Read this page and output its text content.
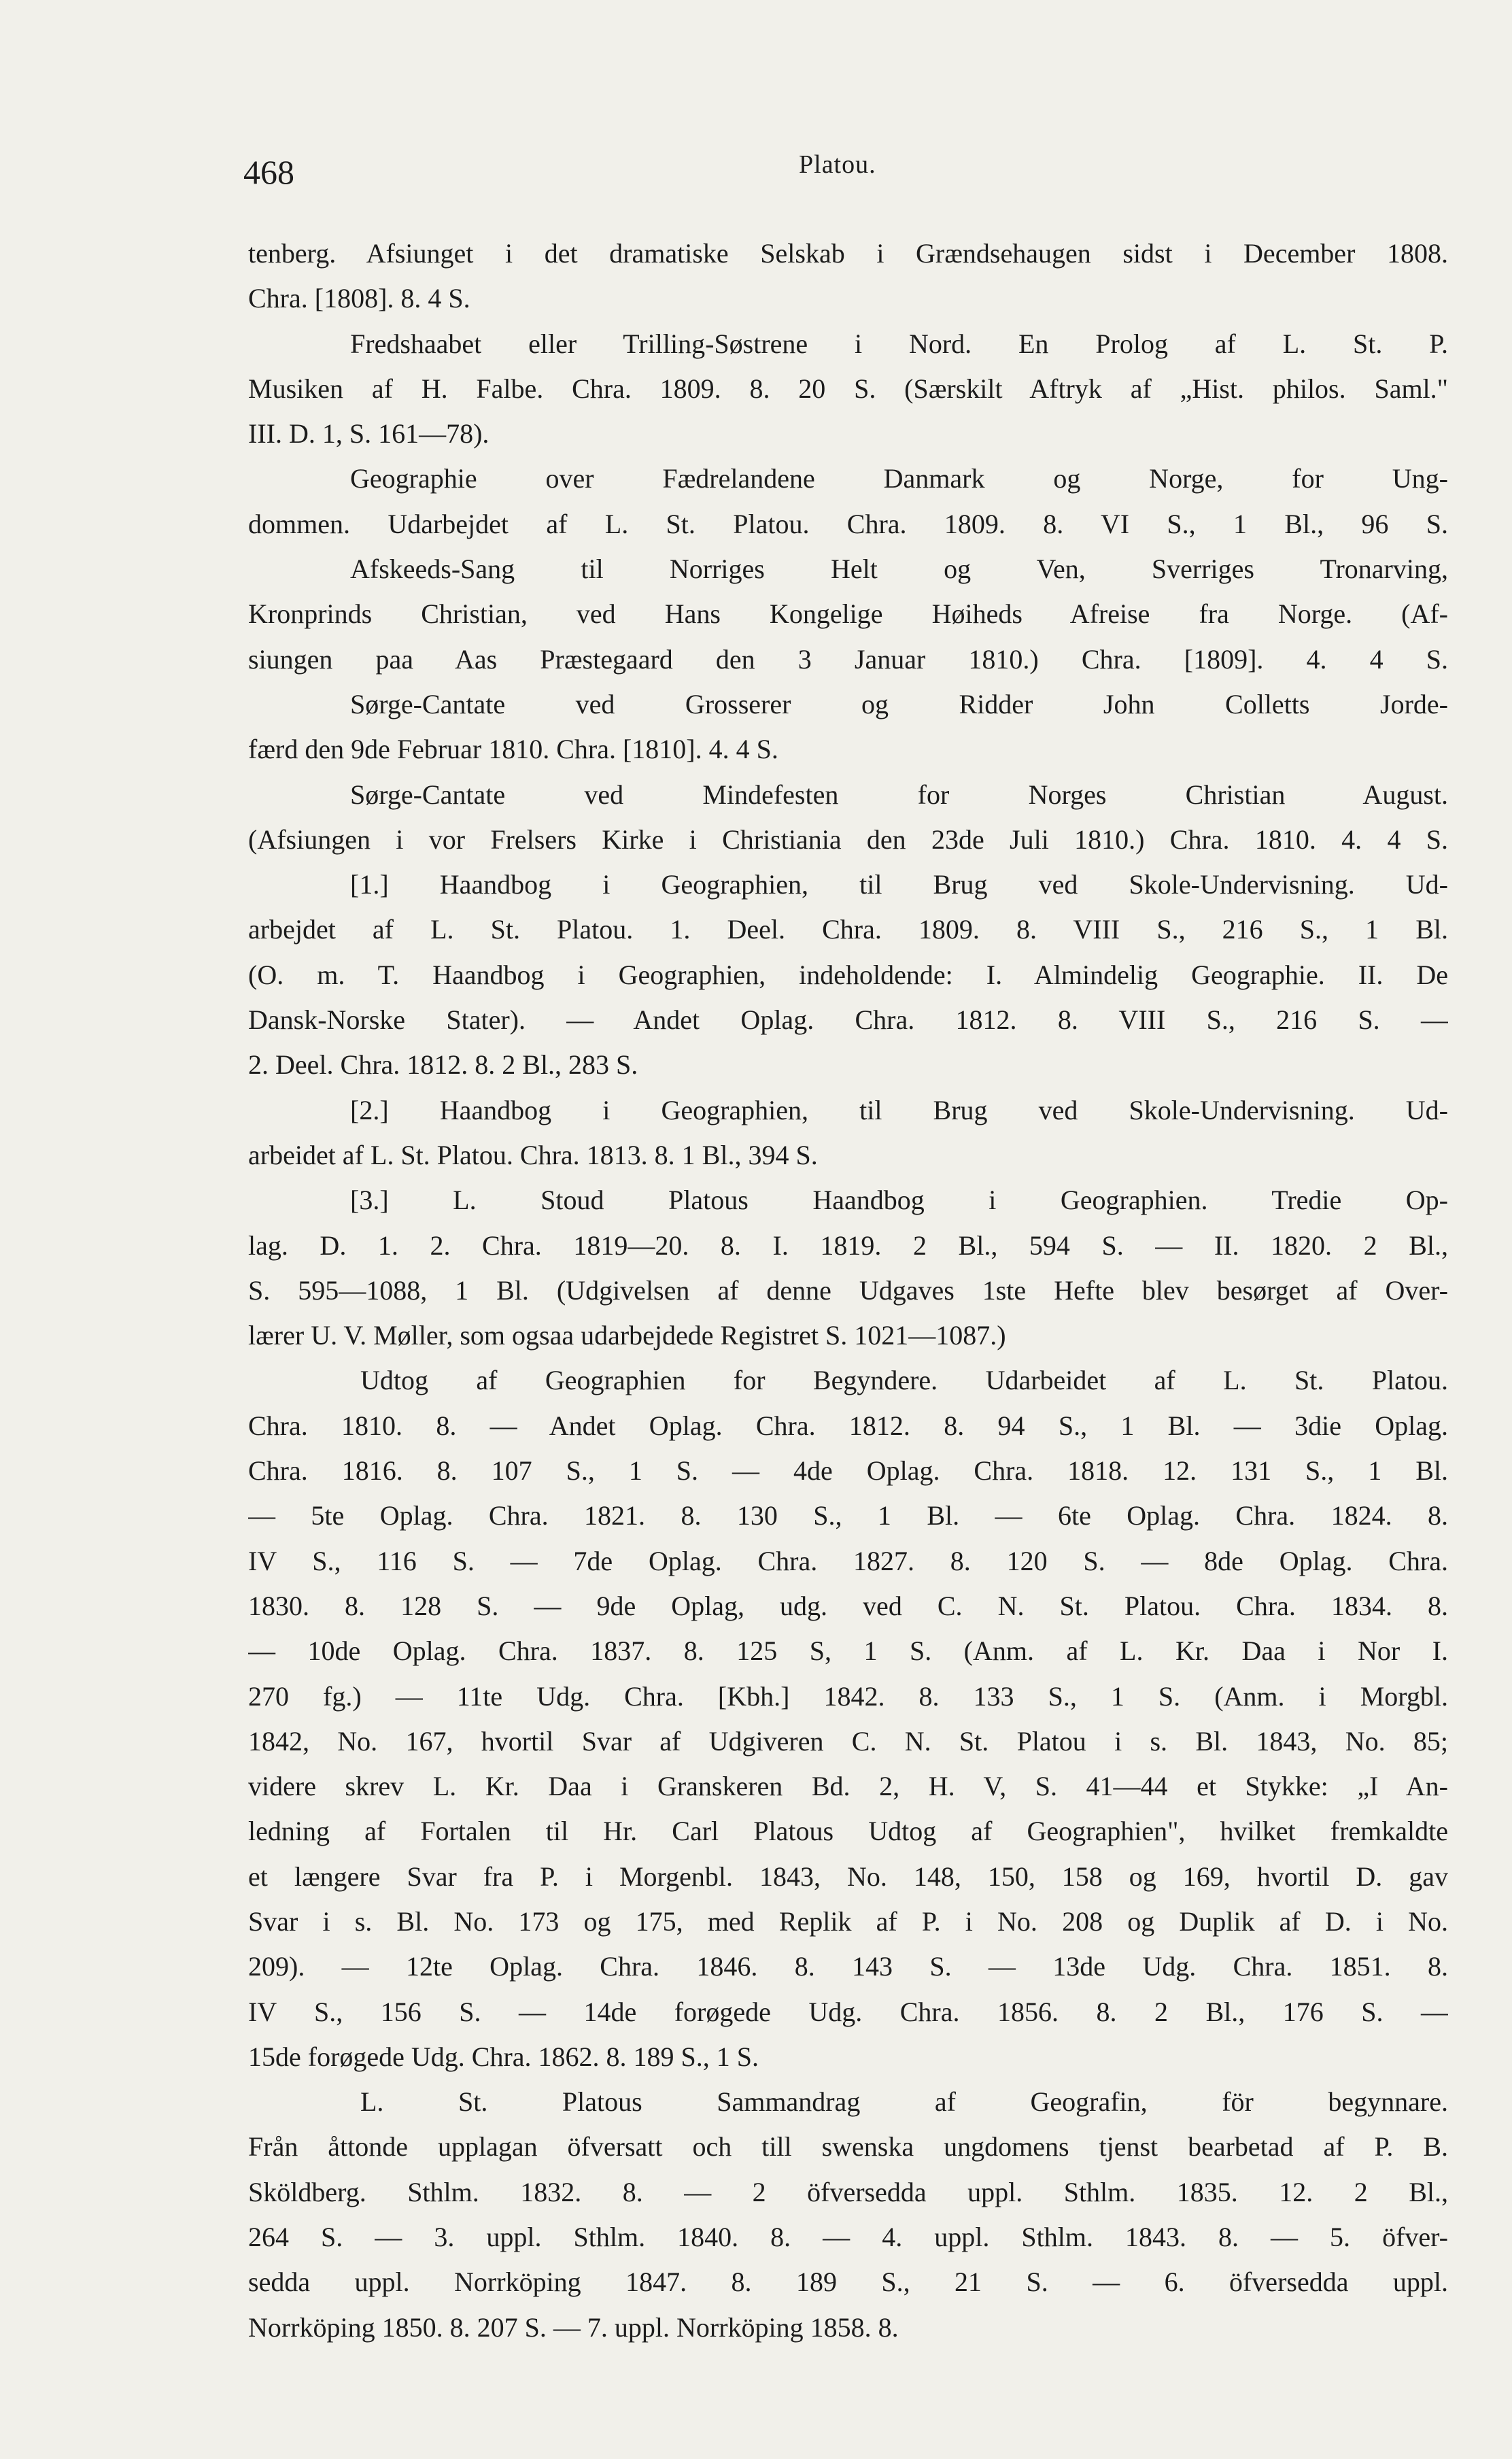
468	Platou.
tenberg. Afsiunget i det dramatiske Selskab i Grændsehaugen sidst i December 1808.
Chra. [1808]. 8. 4 S.
Fredshaabet eller Trilling-Søstrene i Nord. En Prolog af L. St. P.
Musiken af H. Falbe. Chra. 1809. 8. 20 S. (Særskilt Aftryk af „Hist. philos. Saml."
III. D. 1, S. 161—78).
Geographie over Fædrelandene Danmark og Norge, for Ung-
dommen. Udarbejdet af L. St. Platou. Chra. 1809. 8. VI S., 1 Bl., 96 S.
Afskeeds-Sang til Norriges Helt og Ven, Sverriges Tronarving,
Kronprinds Christian, ved Hans Kongelige Høiheds Afreise fra Norge. (Af-
siungen paa Aas Præstegaard den 3 Januar 1810.) Chra. [1809]. 4. 4 S.
Sørge-Cantate ved Grosserer og Ridder John Colletts Jorde-
færd den 9de Februar 1810. Chra. [1810]. 4. 4 S.
Sørge-Cantate ved Mindefesten for Norges Christian August.
(Afsiungen i vor Frelsers Kirke i Christiania den 23de Juli 1810.) Chra. 1810. 4. 4 S.
[1.] Haandbog i Geographien, til Brug ved Skole-Undervisning. Ud-
arbejdet af L. St. Platou. 1. Deel. Chra. 1809. 8. VIII S., 216 S., 1 Bl.
(O. m. T. Haandbog i Geographien, indeholdende: I. Almindelig Geographie. II. De
Dansk-Norske Stater). — Andet Oplag. Chra. 1812. 8. VIII S., 216 S. —
2. Deel. Chra. 1812. 8. 2 Bl., 283 S.
[2.] Haandbog i Geographien, til Brug ved Skole-Undervisning. Ud-
arbeidet af L. St. Platou. Chra. 1813. 8. 1 Bl., 394 S.
[3.] L. Stoud Platous Haandbog i Geographien. Tredie Op-
lag. D. 1. 2. Chra. 1819—20. 8. I. 1819. 2 Bl., 594 S. — II. 1820. 2 Bl.,
S. 595—1088, 1 Bl. (Udgivelsen af denne Udgaves 1ste Hefte blev besørget af Over-
lærer U. V. Møller, som ogsaa udarbejdede Registret S. 1021—1087.)
Udtog af Geographien for Begyndere. Udarbeidet af L. St. Platou.
Chra. 1810. 8. — Andet Oplag. Chra. 1812. 8. 94 S., 1 Bl. — 3die Oplag.
Chra. 1816. 8. 107 S., 1 S. — 4de Oplag. Chra. 1818. 12. 131 S., 1 Bl.
— 5te Oplag. Chra. 1821. 8. 130 S., 1 Bl. — 6te Oplag. Chra. 1824. 8.
IV S., 116 S. — 7de Oplag. Chra. 1827. 8. 120 S. — 8de Oplag. Chra.
1830. 8. 128 S. — 9de Oplag, udg. ved C. N. St. Platou. Chra. 1834. 8.
— 10de Oplag. Chra. 1837. 8. 125 S, 1 S. (Anm. af L. Kr. Daa i Nor I.
270 fg.) — 11te Udg. Chra. [Kbh.] 1842. 8. 133 S., 1 S. (Anm. i Morgbl.
1842, No. 167, hvortil Svar af Udgiveren C. N. St. Platou i s. Bl. 1843, No. 85;
videre skrev L. Kr. Daa i Granskeren Bd. 2, H. V, S. 41—44 et Stykke: „I An-
ledning af Fortalen til Hr. Carl Platous Udtog af Geographien", hvilket fremkaldte
et længere Svar fra P. i Morgenbl. 1843, No. 148, 150, 158 og 169, hvortil D. gav
Svar i s. Bl. No. 173 og 175, med Replik af P. i No. 208 og Duplik af D. i No.
209). — 12te Oplag. Chra. 1846. 8. 143 S. — 13de Udg. Chra. 1851. 8.
IV S., 156 S. — 14de forøgede Udg. Chra. 1856. 8. 2 Bl., 176 S. —
15de forøgede Udg. Chra. 1862. 8. 189 S., 1 S.
L. St. Platous Sammandrag af Geografin, för begynnare.
Från åttonde upplagan öfversatt och till swenska ungdomens tjenst bearbetad af P. B.
Sköldberg. Sthlm. 1832. 8. — 2 öfversedda uppl. Sthlm. 1835. 12. 2 Bl.,
264 S. — 3. uppl. Sthlm. 1840. 8. — 4. uppl. Sthlm. 1843. 8. — 5. öfver-
sedda uppl. Norrköping 1847. 8. 189 S., 21 S. — 6. öfversedda uppl.
Norrköping 1850. 8. 207 S. — 7. uppl. Norrköping 1858. 8.
